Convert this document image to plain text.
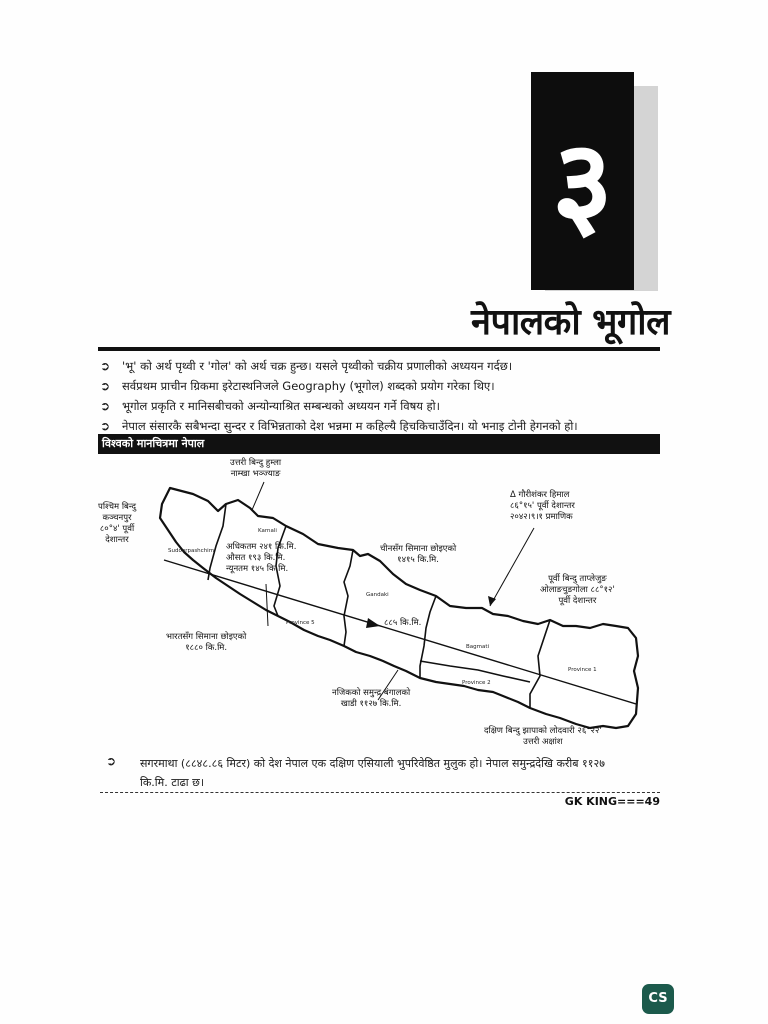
३
नेपालको भूगोल
➲ 'भू' को अर्थ पृथ्वी र 'गोल' को अर्थ चक्र हुन्छ। यसले पृथ्वीको चक्रीय प्रणालीको अध्ययन गर्दछ।
➲ सर्वप्रथम प्राचीन ग्रिकमा इरेटास्थनिजले Geography (भूगोल) शब्दको प्रयोग गरेका थिए।
➲ भूगोल प्रकृति र मानिसबीचको अन्योन्याश्रित सम्बन्धको अध्ययन गर्ने विषय हो।
➲ नेपाल संसारकै सबैभन्दा सुन्दर र विभिन्नताको देश भन्नमा म कहिल्यै हिचकिचाउँदिन। यो भनाइ टोनी हेगनको हो।
विश्वको मानचित्रमा नेपाल
उत्तरी बिन्दु हुम्ला
नाम्खा भञ्ज्याङ
पश्चिम बिन्दु
कञ्चनपुर
८०°४' पूर्वी
देशान्तर
अधिकतम २४१ कि.मि.
औसत १९३ कि.मि.
न्यूनतम १४५ कि.मि.
चीनसँग सिमाना छोइएको
१४१५ कि.मि.
Δ गौरीशंकर हिमाल
८६°१५' पूर्वी देशान्तर
२०४२।९।१ प्रमाणिक
पूर्वी बिन्दु ताप्लेजुङ
ओलाङचुङगोला ८८°१२'
पूर्वी देशान्तर
८८५ कि.मि.
भारतसँग सिमाना छोइएको
१८८० कि.मि.
नजिकको समुन्द्र बंगालको
खाडी ११२७ कि.मि.
दक्षिण बिन्दु झापाको लोदवारी २६°२२'
उत्तरी अक्षांश
Sudoorpashchim
Karnali
Province 5
Gandaki
Bagmati
Province 2
Province 1
➲ सगरमाथा (८८४८.८६ मिटर) को देश नेपाल एक दक्षिण एसियाली भुपरिवेष्ठित मुलुक हो। नेपाल समुन्द्रदेखि करीब ११२७
कि.मि. टाढा छ।
GK KING===49
CS
